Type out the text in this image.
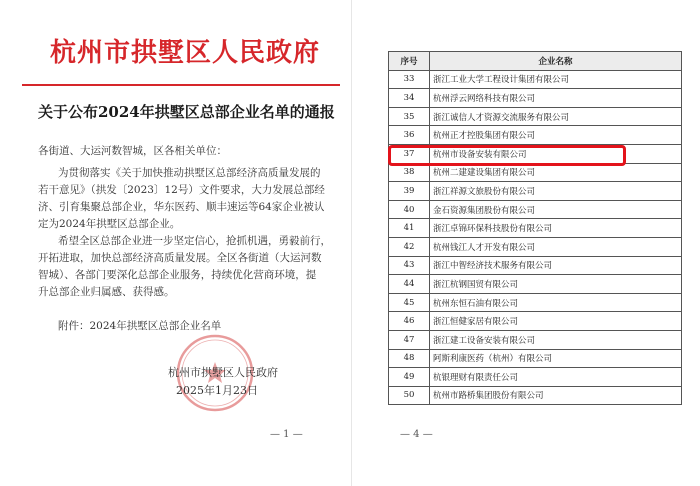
杭州市拱墅区人民政府
关于公布2024年拱墅区总部企业名单的通报
各街道、大运河数智城，区各相关单位：
为贯彻落实《关于加快推动拱墅区总部经济高质量发展的
若干意见》（拱发〔2023〕12号）文件要求，大力发展总部经
济、引育集聚总部企业，华东医药、顺丰速运等64家企业被认
定为2024年拱墅区总部企业。
希望全区总部企业进一步坚定信心，抢抓机遇，勇毅前行，
开拓进取，加快总部经济高质量发展。全区各街道（大运河数
智城）、各部门要深化总部企业服务，持续优化营商环境，提
升总部企业归属感、获得感。
附件：2024年拱墅区总部企业名单
杭州市拱墅区人民政府
2025年1月23日
— 1 —
序号	企业名称
33	浙江工业大学工程设计集团有限公司
34	杭州浮云网络科技有限公司
35	浙江诚信人才资源交流服务有限公司
36	杭州正才控股集团有限公司
37	杭州市设备安装有限公司
38	杭州二建建设集团有限公司
39	浙江祥源文旅股份有限公司
40	金石资源集团股份有限公司
41	浙江卓锦环保科技股份有限公司
42	杭州钱江人才开发有限公司
43	浙江中智经济技术服务有限公司
44	浙江杭钢国贸有限公司
45	杭州东恒石油有限公司
46	浙江恒健家居有限公司
47	浙江建工设备安装有限公司
48	阿斯利康医药（杭州）有限公司
49	杭银理财有限责任公司
50	杭州市路桥集团股份有限公司
— 4 —
